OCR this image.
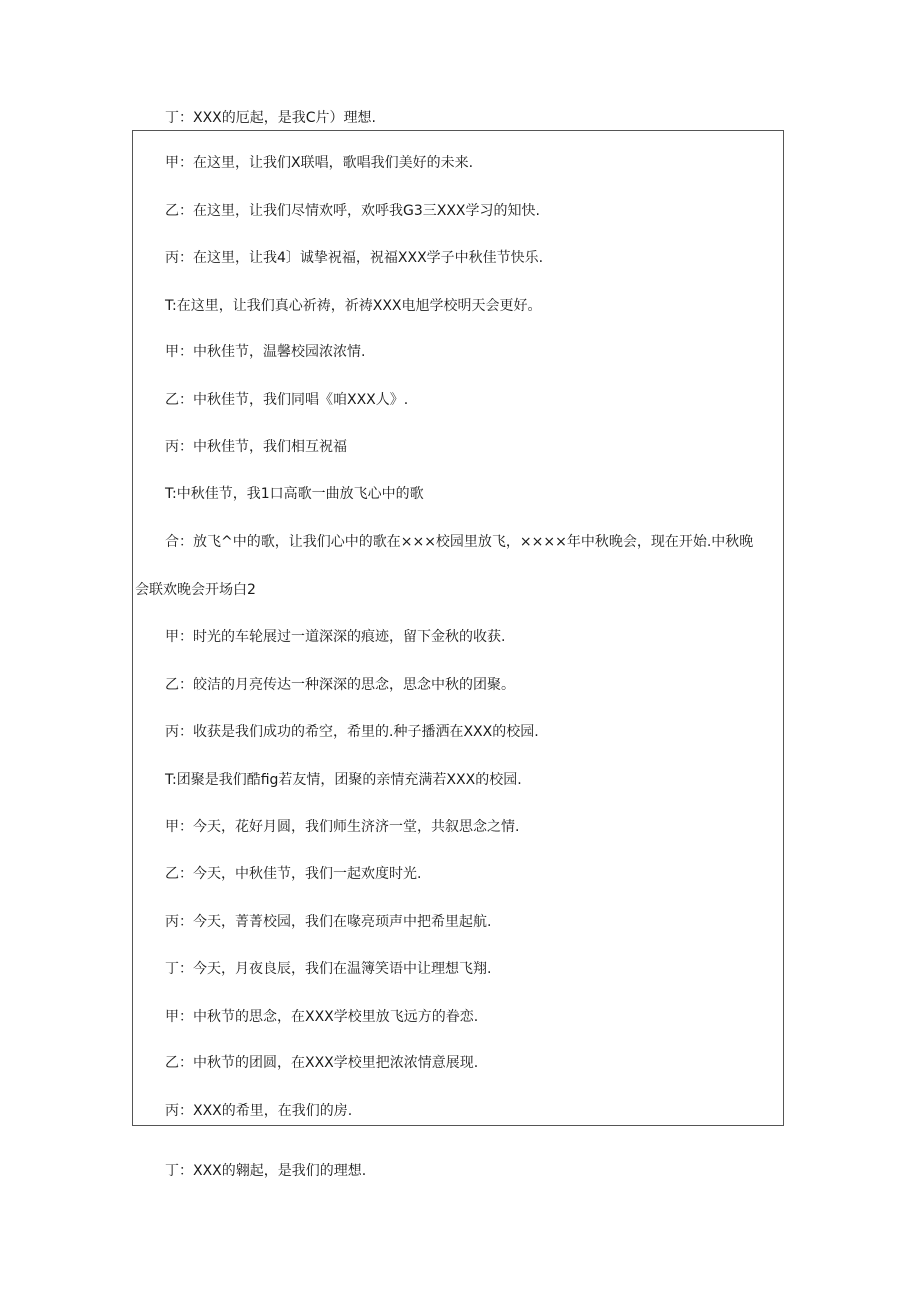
丁：XXX的厄起，是我C片）理想.
甲：在这里，让我们X联唱，歌唱我们美好的未来.
乙：在这里，让我们尽情欢呼，欢呼我G3三XXX学习的知快.
丙：在这里，让我4〕诚挚祝福，祝福XXX学子中秋佳节快乐.
T:在这里，让我们真心祈祷，祈祷XXX电旭学校明天会更好。
甲：中秋佳节，温馨校园浓浓情.
乙：中秋佳节，我们同唱《咱XXX人》.
丙：中秋佳节，我们相互祝福
T:中秋佳节，我1口高歌一曲放飞心中的歌
合：放飞^中的歌，让我们心中的歌在×××校园里放飞，××××年中秋晚会，现在开始.中秋晚
会联欢晚会开场白2
甲：时光的车轮展过一道深深的痕迹，留下金秋的收获.
乙：皎洁的月亮传达一种深深的思念，思念中秋的团聚。
丙：收获是我们成功的希空，希里的.种子播洒在XXX的校园.
T:团聚是我们酷fig若友情，团聚的亲情充满若XXX的校园.
甲：今天，花好月圆，我们师生济济一堂，共叙思念之情.
乙：今天，中秋佳节，我们一起欢度时光.
丙：今天，菁菁校园，我们在喙亮顼声中把希里起航.
丁：今天，月夜良辰，我们在温簿笑语中让理想飞翔.
甲：中秋节的思念，在XXX学校里放飞远方的眷恋.
乙：中秋节的团圆，在XXX学校里把浓浓情意展现.
丙：XXX的希里，在我们的房.
丁：XXX的翱起，是我们的理想.
